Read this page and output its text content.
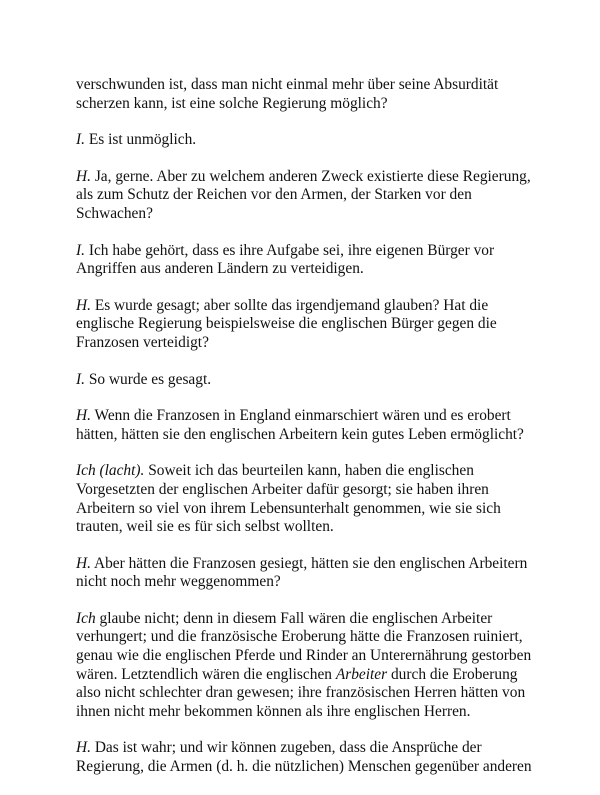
verschwunden ist, dass man nicht einmal mehr über seine Absurdität scherzen kann, ist eine solche Regierung möglich?

I. Es ist unmöglich.

H. Ja, gerne. Aber zu welchem anderen Zweck existierte diese Regierung, als zum Schutz der Reichen vor den Armen, der Starken vor den Schwachen?

I. Ich habe gehört, dass es ihre Aufgabe sei, ihre eigenen Bürger vor Angriffen aus anderen Ländern zu verteidigen.

H. Es wurde gesagt; aber sollte das irgendjemand glauben? Hat die englische Regierung beispielsweise die englischen Bürger gegen die Franzosen verteidigt?

I. So wurde es gesagt.

H. Wenn die Franzosen in England einmarschiert wären und es erobert hätten, hätten sie den englischen Arbeitern kein gutes Leben ermöglicht?

Ich (lacht). Soweit ich das beurteilen kann, haben die englischen Vorgesetzten der englischen Arbeiter dafür gesorgt; sie haben ihren Arbeitern so viel von ihrem Lebensunterhalt genommen, wie sie sich trauten, weil sie es für sich selbst wollten.

H. Aber hätten die Franzosen gesiegt, hätten sie den englischen Arbeitern nicht noch mehr weggenommen?

Ich glaube nicht; denn in diesem Fall wären die englischen Arbeiter verhungert; und die französische Eroberung hätte die Franzosen ruiniert, genau wie die englischen Pferde und Rinder an Unterernährung gestorben wären. Letztendlich wären die englischen Arbeiter durch die Eroberung also nicht schlechter dran gewesen; ihre französischen Herren hätten von ihnen nicht mehr bekommen können als ihre englischen Herren.

H. Das ist wahr; und wir können zugeben, dass die Ansprüche der Regierung, die Armen (d. h. die nützlichen) Menschen gegenüber anderen
